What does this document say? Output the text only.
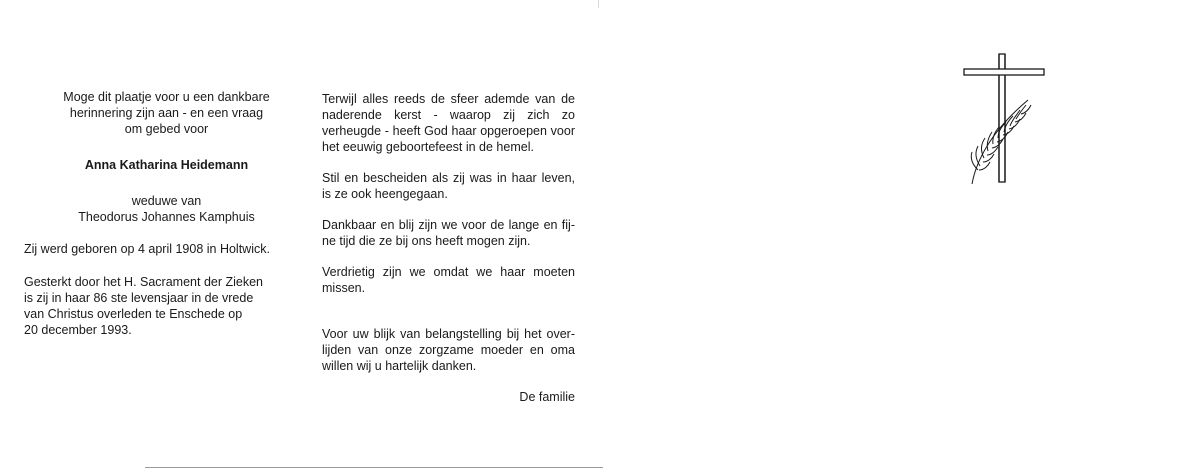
Moge dit plaatje voor u een dankbare

herinnering zijn aan - en een vraag

om gebed voor

Anna Katharina Heidemann
weduwe van
Theodorus Johannes Kamphuis
Zij werd geboren op 4 april 1908 in Holtwick.
Gesterkt door het H. Sacrament der Zieken
is zij in haar 86 ste levensjaar in de vrede
van Christus overleden te Enschede op
20 december 1993.
Terwijl alles reeds de sfeer ademde van de
naderende kerst - waarop zij zich zo
verheugde - heeft God haar opgeroepen voor
het eeuwig geboortefeest in de hemel.
Stil en bescheiden als zij was in haar leven,
is ze ook heengegaan.
Dankbaar en blij zijn we voor de lange en fij-
ne tijd die ze bij ons heeft mogen zijn.
Verdrietig zijn we omdat we haar moeten
missen.
Voor uw blijk van belangstelling bij het over-
lijden van onze zorgzame moeder en oma
willen wij u hartelijk danken.
De familie
